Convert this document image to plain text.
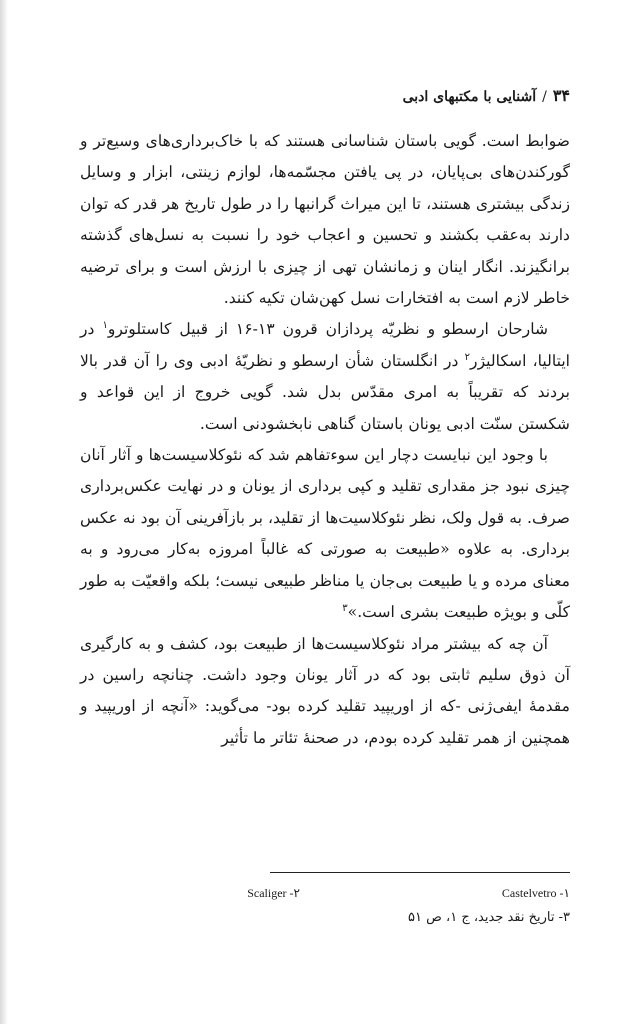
۳۴/آشنایی با مکتبهای ادبی

ضوابط است. گویی باستان شناسانی هستند که با خاک‌برداری‌های وسیع‌تر و گورکندن‌های بی‌پایان، در پی یافتن مجسّمه‌ها، لوازم زینتی، ابزار و وسایل زندگی بیشتری هستند، تا این میراث گرانبها را در طول تاریخ هر قدر که توان دارند به‌عقب بکشند و تحسین و اعجاب خود را نسبت به نسل‌های گذشته برانگیزند. انگار اینان و زمانشان تهی از چیزی با ارزش است و برای ترضیه خاطر لازم است به افتخارات نسل کهن‌شان تکیه کنند.

شارحان ارسطو و نظریّه پردازان قرون ۱۳-۱۶ از قبیل کاستلوترو$^۱$ در ایتالیا، اسکالیژر$^۲$ در انگلستان شأن ارسطو و نظریّهٔ ادبی وی را آن قدر بالا بردند که تقریباً به امری مقدّس بدل شد. گویی خروج از این قواعد و شکستن سنّت ادبی یونان باستان گناهی نابخشودنی است.

با وجود این نبایست دچار این سوءتفاهم شد که نئوکلاسیست‌ها و آثار آنان چیزی نبود جز مقداری تقلید و کپی برداری از یونان و در نهایت عکس‌برداری صرف. به قول ولک، نظر نئوکلاسیت‌ها از تقلید، بر بازآفرینی آن بود نه عکس برداری. به علاوه «طبیعت به صورتی که غالباً امروزه به‌کار می‌رود و به معنای مرده و یا طبیعت بی‌جان یا مناظر طبیعی نیست؛ بلکه واقعیّت به طور کلّی و بویژه طبیعت بشری است.»$^۳$

آن چه که بیشتر مراد نئوکلاسیست‌ها از طبیعت بود، کشف و به کارگیری آن ذوق سلیم ثابتی بود که در آثار یونان وجود داشت. چنانچه راسین در مقدمهٔ ایفی‌ژنی -که از اوریپید تقلید کرده بود- می‌گوید: «آنچه از اوریپید و همچنین از همر تقلید کرده بودم، در صحنهٔ تئاتر ما تأثیر

Castelvetro -۱
Scaliger -۲
۳- تاریخ نقد جدید، ج ۱، ص ۵۱
